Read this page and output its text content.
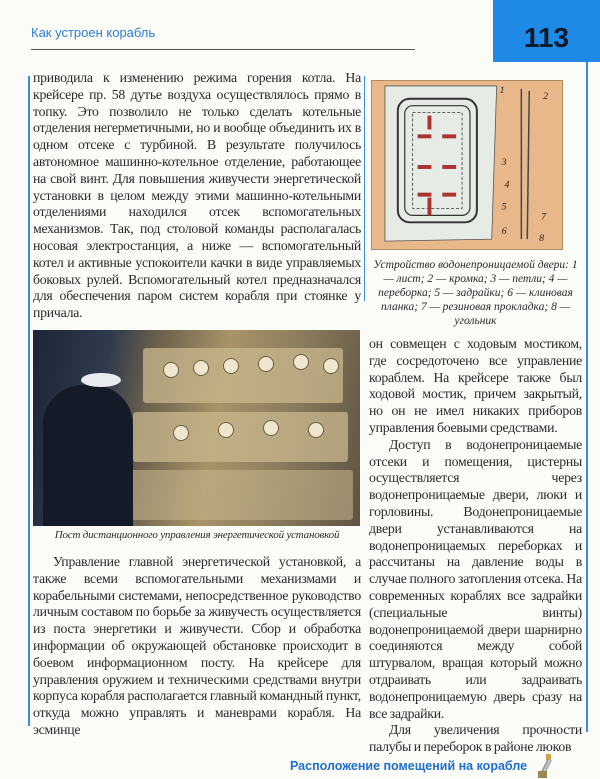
Как устроен корабль	113

приводила к изменению режима горения котла. На крейсере пр. 58 дутье воздуха осуществлялось прямо в топку. Это позволило не только сделать котельные отделения негерметичными, но и вообще объединить их в одном отсеке с турбиной. В результате получилось автономное машинно-котельное отделение, работающее на свой винт. Для повышения живучести энергетической установки в целом между этими машинно-котельными отделениями находился отсек вспомогательных механизмов. Так, под столовой команды располагалась носовая электростанция, а ниже — вспомогательный котел и активные успокоители качки в виде управляемых боковых рулей. Вспомогательный котел предназначался для обеспечения паром систем корабля при стоянке у причала.

Пост дистанционного управления энергетической установкой

Управление главной энергетической установкой, а также всеми вспомогательными механизмами и корабельными системами, непосредственное руководство личным составом по борьбе за живучесть осуществляется из поста энергетики и живучести. Сбор и обработка информации об окружающей обстановке происходит в боевом информационном посту. На крейсере для управления оружием и техническими средствами внутри корпуса корабля располагается главный командный пункт, откуда можно управлять и маневрами корабля. На эсминце

1
2
3
4
5
6
7
8
Устройство водонепроницаемой двери: 1 — лист; 2 — кромка; 3 — петли; 4 — переборка; 5 — задрайки; 6 — клиновая планка; 7 — резиновая прокладка; 8 — угольник

он совмещен с ходовым мостиком, где сосредоточено все управление кораблем. На крейсере также был ходовой мостик, причем закрытый, но он не имел никаких приборов управления боевыми средствами.

Доступ в водонепроницаемые отсеки и помещения, цистерны осуществляется через водонепроницаемые двери, люки и горловины. Водонепроницаемые двери устанавливаются на водонепроницаемых переборках и рассчитаны на давление воды в случае полного затопления отсека. На современных кораблях все задрайки (специальные винты) водонепроницаемой двери шарнирно соединяются между собой штурвалом, вращая который можно отдраивать или задраивать водонепроницаемую дверь сразу на все задрайки.

Для увеличения прочности палубы и переборок в районе люков

Расположение помещений на корабле
